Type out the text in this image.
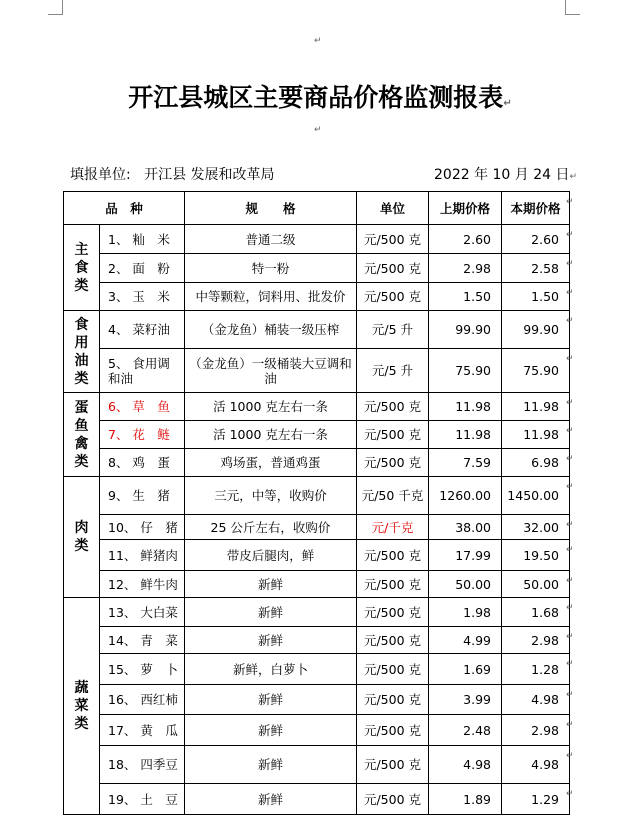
↵
开江县城区主要商品价格监测报表↵
↵
填报单位: 开江县 发展和改革局	2022 年 10 月 24 日↵
品　种		规　　格	单位	上期价格	本期价格
主食类	1、 籼　米	普通二级	元/500 克	2.60	2.60
	2、 面　粉	特一粉	元/500 克	2.98	2.58
	3、 玉　米	中等颗粒，饲料用、批发价	元/500 克	1.50	1.50
食用油类	4、 菜籽油	（金龙鱼）桶装一级压榨	元/5 升	99.90	99.90
	5、 食用调和油	（金龙鱼）一级桶装大豆调和油	元/5 升	75.90	75.90
蛋鱼禽类	6、 草　鱼	活 1000 克左右一条	元/500 克	11.98	11.98
	7、 花　鲢	活 1000 克左右一条	元/500 克	11.98	11.98
	8、 鸡　蛋	鸡场蛋，普通鸡蛋	元/500 克	7.59	6.98
肉类	9、 生　猪	三元，中等，收购价	元/50 千克	1260.00	1450.00
	10、 仔　猪	25 公斤左右，收购价	元/千克	38.00	32.00
	11、 鲜猪肉	带皮后腿肉，鲜	元/500 克	17.99	19.50
	12、 鲜牛肉	新鲜	元/500 克	50.00	50.00
蔬菜类	13、 大白菜	新鲜	元/500 克	1.98	1.68
	14、 青　菜	新鲜	元/500 克	4.99	2.98
	15、 萝　卜	新鲜，白萝卜	元/500 克	1.69	1.28
	16、 西红柿	新鲜	元/500 克	3.99	4.98
	17、 黄　瓜	新鲜	元/500 克	2.48	2.98
	18、 四季豆	新鲜	元/500 克	4.98	4.98
	19、 土　豆	新鲜	元/500 克	1.89	1.29
↵
↵
↵
↵
↵
↵
↵
↵
↵
↵
↵
↵
↵
↵
↵
↵
↵
↵
↵
↵
